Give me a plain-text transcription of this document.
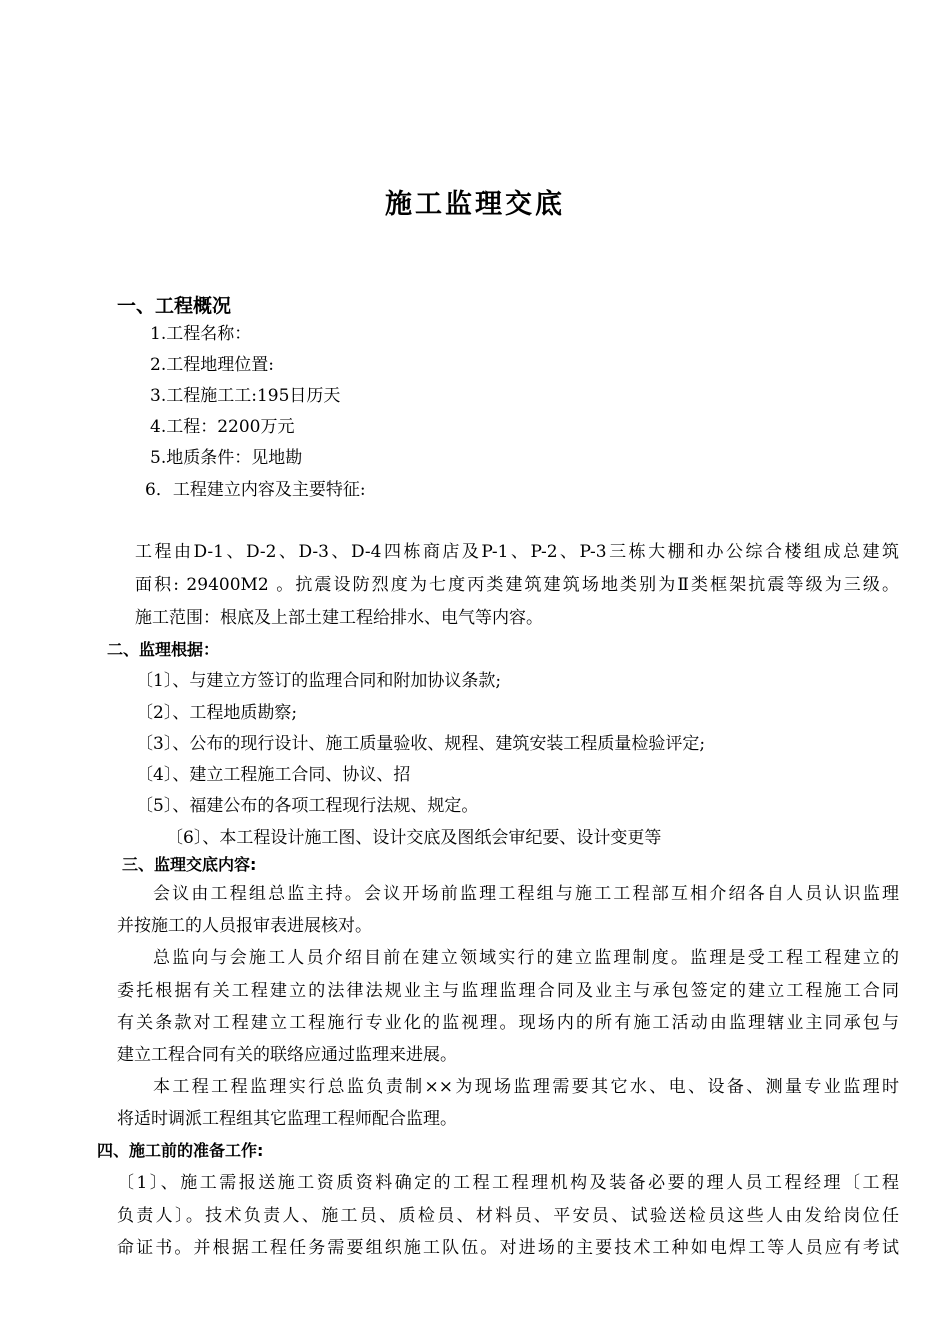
施工监理交底
一、工程概况
1.工程名称：
2.工程地理位置:
3.工程施工工:195日历天
4.工程：2200万元
5.地质条件：见地勘
6．工程建立内容及主要特征:
工程由D-1、D-2、D-3、D-4四栋商店及P-1、P-2、P-3三栋大棚和办公综合楼组成总建筑
面积: 29400M2 。抗震设防烈度为七度丙类建筑建筑场地类别为Ⅱ类框架抗震等级为三级。
施工范围：根底及上部土建工程给排水、电气等内容。
二、监理根据：
〔1〕、与建立方签订的监理合同和附加协议条款;
〔2〕、工程地质勘察;
〔3〕、公布的现行设计、施工质量验收、规程、建筑安装工程质量检验评定;
〔4〕、建立工程施工合同、协议、招
〔5〕、福建公布的各项工程现行法规、规定。
〔6〕、本工程设计施工图、设计交底及图纸会审纪要、设计变更等
三、监理交底内容:
会议由工程组总监主持。会议开场前监理工程组与施工工程部互相介绍各自人员认识监理
并按施工的人员报审表进展核对。
总监向与会施工人员介绍目前在建立领域实行的建立监理制度。监理是受工程工程建立的
委托根据有关工程建立的法律法规业主与监理监理合同及业主与承包签定的建立工程施工合同
有关条款对工程建立工程施行专业化的监视理。现场内的所有施工活动由监理辖业主同承包与
建立工程合同有关的联络应通过监理来进展。
本工程工程监理实行总监负责制××为现场监理需要其它水、电、设备、测量专业监理时
将适时调派工程组其它监理工程师配合监理。
四、施工前的准备工作:
〔1〕、施工需报送施工资质资料确定的工程工程理机构及装备必要的理人员工程经理〔工程
负责人〕。技术负责人、施工员、质检员、材料员、平安员、试验送检员这些人由发给岗位任
命证书。并根据工程任务需要组织施工队伍。对进场的主要技术工种如电焊工等人员应有考试
